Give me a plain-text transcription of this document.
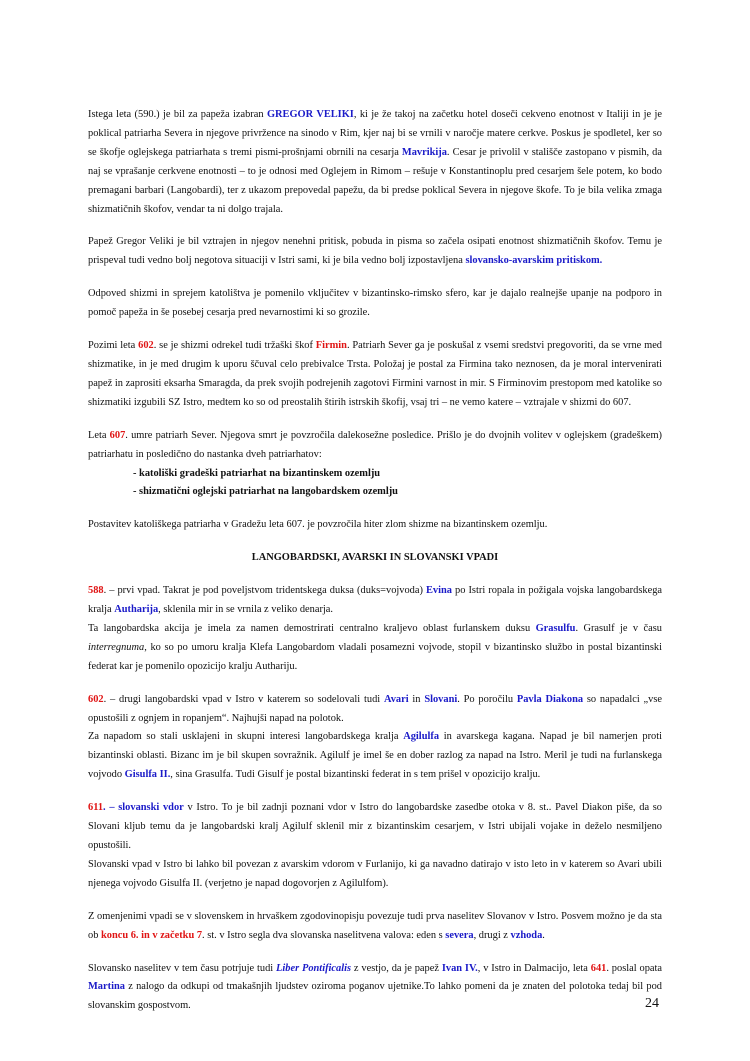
Istega leta (590.) je bil za papeža izabran GREGOR VELIKI, ki je že takoj na začetku hotel doseči cekveno enotnost v Italiji in je je poklical patriarha Severa in njegove privržence na sinodo v Rim, kjer naj bi se vrnili v naročje matere cerkve. Poskus je spodletel, ker so se škofje oglejskega patriarhata s tremi pismi-prošnjami obrnili na cesarja Mavrikija. Cesar je privolil v stališče zastopano v pismih, da naj se vprašanje cerkvene enotnosti – to je odnosi med Oglejem in Rimom – rešuje v Konstantinoplu pred cesarjem šele potem, ko bodo premagani barbari (Langobardi), ter z ukazom prepovedal papežu, da bi predse poklical Severa in njegove škofe. To je bila velika zmaga shizmatičnih škofov, vendar ta ni dolgo trajala.
Papež Gregor Veliki je bil vztrajen in njegov nenehni pritisk, pobuda in pisma so začela osipati enotnost shizmatičnih škofov. Temu je prispeval tudi vedno bolj negotova situaciji v Istri sami, ki je bila vedno bolj izpostavljena slovansko-avarskim pritiskom.
Odpoved shizmi in sprejem katolištva je pomenilo vključitev v bizantinsko-rimsko sfero, kar je dajalo realnejše upanje na podporo in pomoč papeža in še posebej cesarja pred nevarnostimi ki so grozile.
Pozimi leta 602. se je shizmi odrekel tudi tržaški škof Firmin. Patriarh Sever ga je poskušal z vsemi sredstvi pregovoriti, da se vrne med shizmatike, in je med drugim k uporu ščuval celo prebivalce Trsta. Položaj je postal za Firmina tako neznosen, da je moral intervenirati papež in zaprositi eksarha Smaragda, da prek svojih podrejenih zagotovi Firmini varnost in mir. S Firminovim prestopom med katolike so shizmatiki izgubili SZ Istro, medtem ko so od preostalih štirih istrskih škofij, vsaj tri – ne vemo katere – vztrajale v shizmi do 607.
Leta 607. umre patriarh Sever. Njegova smrt je povzročila dalekosežne posledice. Prišlo je do dvojnih volitev v oglejskem (gradeškem) patriarhatu in posledično do nastanka dveh patriarhatov:
- katoliški gradeški patriarhat na bizantinskem ozemlju
- shizmatični oglejski patriarhat na langobardskem ozemlju
Postavitev katoliškega patriarha v Gradežu leta 607. je povzročila hiter zlom shizme na bizantinskem ozemlju.
LANGOBARDSKI, AVARSKI IN SLOVANSKI VPADI
588. – prvi vpad. Takrat je pod poveljstvom tridentskega duksa (duks=vojvoda) Evina po Istri ropala in požigala vojska langobardskega kralja Autharija, sklenila mir in se vrnila z veliko denarja.
Ta langobardska akcija je imela za namen demostrirati centralno kraljevo oblast furlanskem duksu Grasulfu. Grasulf je v času interregnuma, ko so po umoru kralja Klefa Langobardom vladali posamezni vojvode, stopil v bizantinsko službo in postal bizantinski federat kar je pomenilo opozicijo kralju Authariju.
602. – drugi langobardski vpad v Istro v katerem so sodelovali tudi Avari in Slovani. Po poročilu Pavla Diakona so napadalci „vse opustošili z ognjem in ropanjem“. Najhujši napad na polotok.
Za napadom so stali usklajeni in skupni interesi langobardskega kralja Agilulfa in avarskega kagana. Napad je bil namerjen proti bizantinski oblasti. Bizanc im je bil skupen sovražnik. Agilulf je imel še en dober razlog za napad na Istro. Meril je tudi na furlanskega vojvodo Gisulfa II., sina Grasulfa. Tudi Gisulf je postal bizantinski federat in s tem prišel v opozicijo kralju.
611. – slovanski vdor v Istro. To je bil zadnji poznani vdor v Istro do langobardske zasedbe otoka v 8. st.. Pavel Diakon piše, da so Slovani kljub temu da je langobardski kralj Agilulf sklenil mir z bizantinskim cesarjem, v Istri ubijali vojake in deželo nesmiljeno opustošili.
Slovanski vpad v Istro bi lahko bil povezan z avarskim vdorom v Furlanijo, ki ga navadno datirajo v isto leto in v katerem so Avari ubili njenega vojvodo Gisulfa II. (verjetno je napad dogovorjen z Agilulfom).
Z omenjenimi vpadi se v slovenskem in hrvaškem zgodovinopisju povezuje tudi prva naselitev Slovanov v Istro. Posvem možno je da sta ob koncu 6. in v začetku 7. st. v Istro segla dva slovanska naselitvena valova: eden s severa, drugi z vzhoda.
Slovansko naselitev v tem času potrjuje tudi Liber Pontificalis z vestjo, da je papež Ivan IV., v Istro in Dalmacijo, leta 641. poslal opata Martina z nalogo da odkupi od tmakašnjih ljudstev oziroma poganov ujetnike.To lahko pomeni da je znaten del polotoka tedaj bil pod slovanskim gospostvom.	24
